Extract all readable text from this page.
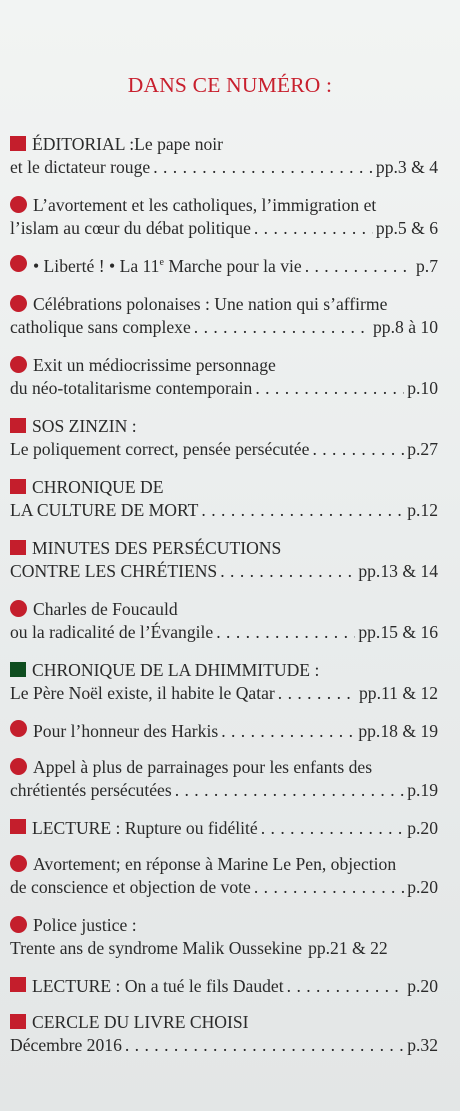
DANS CE NUMÉRO :
ÉDITORIAL :Le pape noir
et le dictateur rouge . . .	pp.3 & 4
L’avortement et les catholiques, l’immigration et
l’islam au cœur du débat politique . . .	pp.5 & 6
• Liberté ! • La 11e Marche pour la vie . . .	p.7
Célébrations polonaises : Une nation qui s’affirme
catholique sans complexe . . .	pp.8 à 10
Exit un médiocrissime personnage
du néo-totalitarisme contemporain . . .	p.10
SOS ZINZIN :
Le poliquement correct, pensée persécutée . . .	p.27
CHRONIQUE DE
LA CULTURE DE MORT . . .	p.12
MINUTES DES PERSÉCUTIONS
CONTRE LES CHRÉTIENS . . .	pp.13 & 14
Charles de Foucauld
ou la radicalité de l’Évangile . . .	pp.15 & 16
CHRONIQUE DE LA DHIMMITUDE :
Le Père Noël existe, il habite le Qatar . . .	pp.11 & 12
Pour l’honneur des Harkis . . .	pp.18 & 19
Appel à plus de parrainages pour les enfants des
chrétientés persécutées . . .	p.19
LECTURE : Rupture ou fidélité . . .	p.20
Avortement; en réponse à Marine Le Pen, objection
de conscience et objection de vote . . .	p.20
Police justice :
Trente ans de syndrome Malik Oussekine pp.21 & 22
LECTURE : On a tué le fils Daudet . . .	p.20
CERCLE DU LIVRE CHOISI
Décembre 2016 . . .	p.32
